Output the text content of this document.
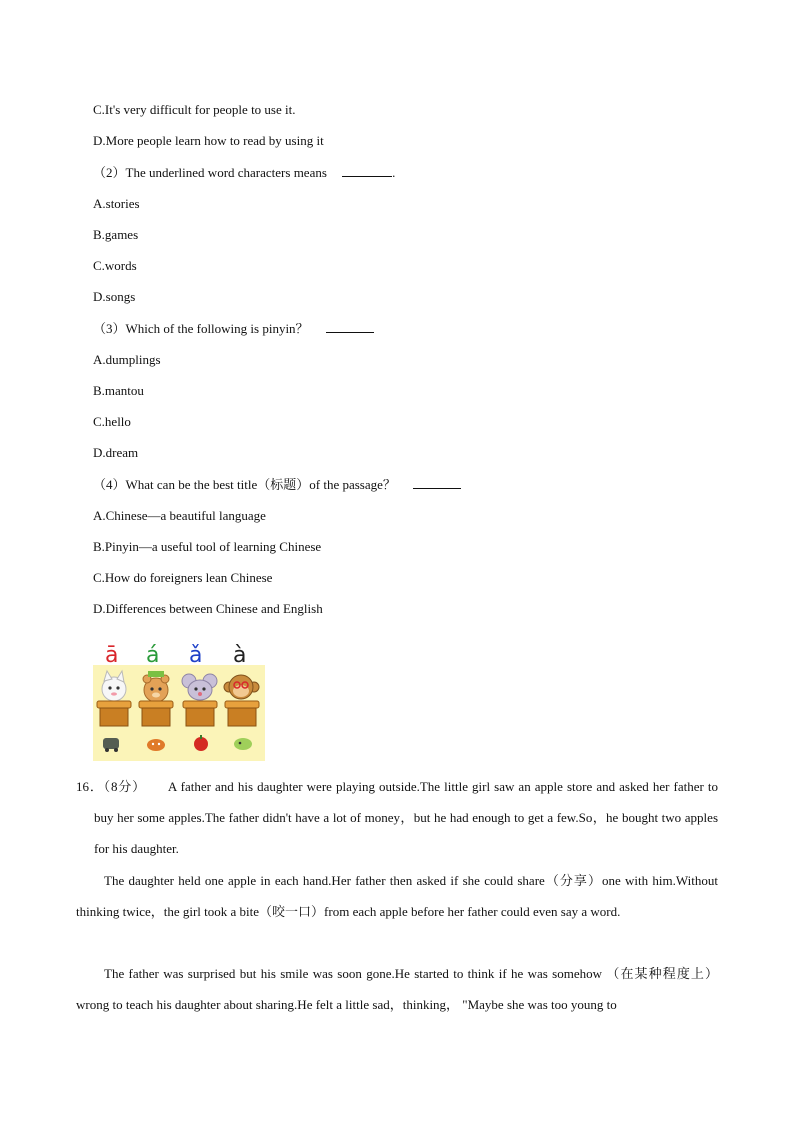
C.It's very difficult for people to use it.
D.More people learn how to read by using it
（2）The underlined word characters means	.
A.stories
B.games
C.words
D.songs
（3）Which of the following is pinyin？
A.dumplings
B.mantou
C.hello
D.dream
（4）What can be the best title（标题）of the passage？
A.Chinese—a beautiful language
B.Pinyin—a useful tool of learning Chinese
C.How do foreigners lean Chinese
D.Differences between Chinese and English
ā á ǎ à
16．（8分） A father and his daughter were playing outside.The little girl saw an apple store and asked her father to buy her some apples.The father didn't have a lot of money，but he had enough to get a few.So，he bought two apples for his daughter.
The daughter held one apple in each hand.Her father then asked if she could share（分享）one with him.Without thinking twice，the girl took a bite（咬一口）from each apple before her father could even say a word.
The father was surprised but his smile was soon gone.He started to think if he was somehow （在某种程度上）wrong to teach his daughter about sharing.He felt a little sad，thinking， "Maybe she was too young to
